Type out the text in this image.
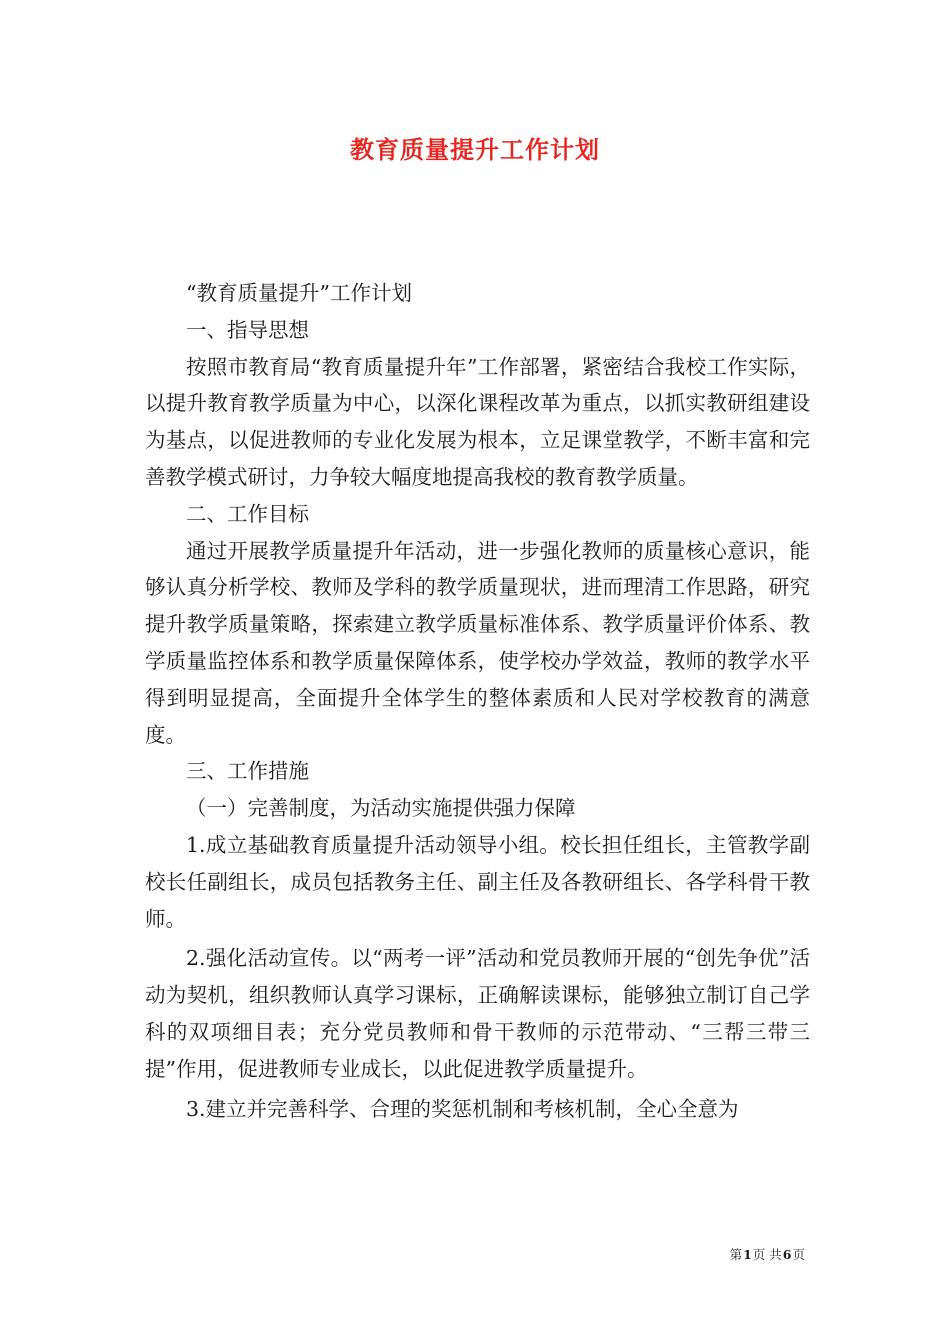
教育质量提升工作计划

“教育质量提升”工作计划

一、指导思想

按照市教育局“教育质量提升年”工作部署，紧密结合我校工作实际，以提升教育教学质量为中心，以深化课程改革为重点，以抓实教研组建设为基点，以促进教师的专业化发展为根本，立足课堂教学，不断丰富和完善教学模式研讨，力争较大幅度地提高我校的教育教学质量。

二、工作目标

通过开展教学质量提升年活动，进一步强化教师的质量核心意识，能够认真分析学校、教师及学科的教学质量现状，进而理清工作思路，研究提升教学质量策略，探索建立教学质量标准体系、教学质量评价体系、教学质量监控体系和教学质量保障体系，使学校办学效益，教师的教学水平得到明显提高，全面提升全体学生的整体素质和人民对学校教育的满意度。

三、工作措施

（一）完善制度，为活动实施提供强力保障

1.成立基础教育质量提升活动领导小组。校长担任组长，主管教学副校长任副组长，成员包括教务主任、副主任及各教研组长、各学科骨干教师。

2.强化活动宣传。以“两考一评”活动和党员教师开展的“创先争优”活动为契机，组织教师认真学习课标，正确解读课标，能够独立制订自己学科的双项细目表；充分党员教师和骨干教师的示范带动、“三帮三带三提”作用，促进教师专业成长，以此促进教学质量提升。

3.建立并完善科学、合理的奖惩机制和考核机制，全心全意为

第1页 共6页
